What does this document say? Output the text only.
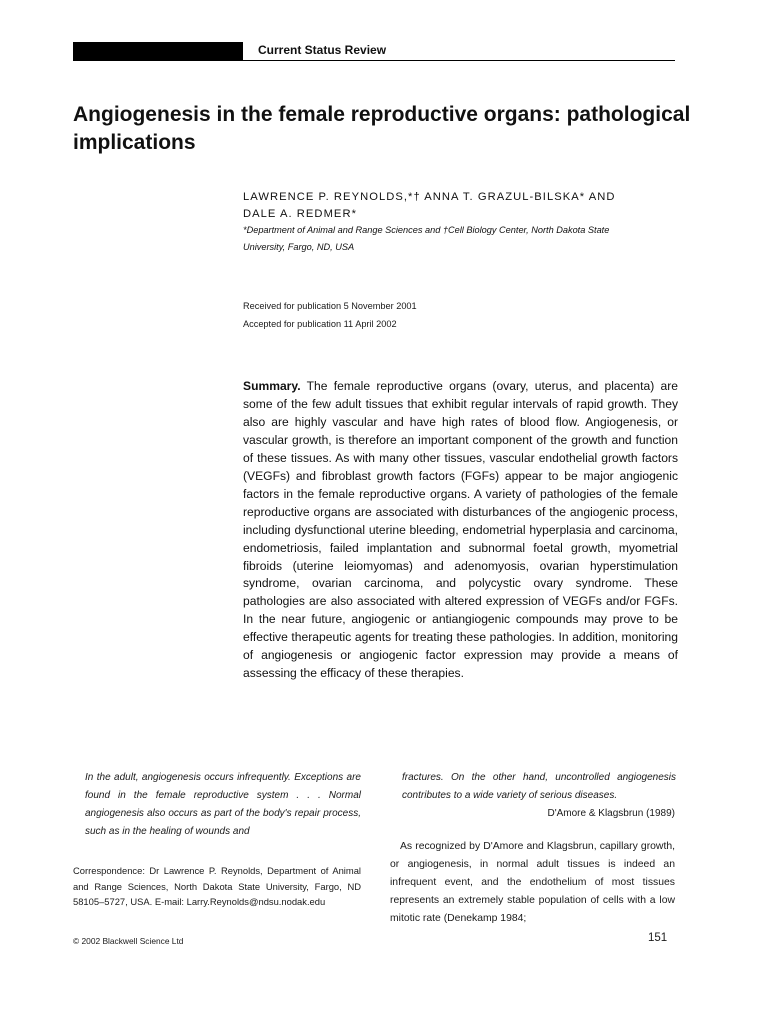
Current Status Review
Angiogenesis in the female reproductive organs: pathological implications
LAWRENCE P. REYNOLDS,*† ANNA T. GRAZUL-BILSKA* AND
DALE A. REDMER*
*Department of Animal and Range Sciences and †Cell Biology Center, North Dakota State
University, Fargo, ND, USA
Received for publication 5 November 2001
Accepted for publication 11 April 2002
Summary. The female reproductive organs (ovary, uterus, and placenta) are some of the few adult tissues that exhibit regular intervals of rapid growth. They also are highly vascular and have high rates of blood flow. Angiogenesis, or vascular growth, is therefore an important component of the growth and function of these tissues. As with many other tissues, vascular endothelial growth factors (VEGFs) and fibroblast growth factors (FGFs) appear to be major angiogenic factors in the female reproductive organs. A variety of pathologies of the female reproductive organs are associated with disturbances of the angiogenic process, including dysfunctional uterine bleeding, endometrial hyperplasia and carcinoma, endometriosis, failed implantation and subnormal foetal growth, myometrial fibroids (uterine leiomyomas) and adenomyosis, ovarian hyperstimulation syndrome, ovarian carcinoma, and polycystic ovary syndrome. These pathologies are also associated with altered expression of VEGFs and/or FGFs. In the near future, angiogenic or antiangiogenic compounds may prove to be effective therapeutic agents for treating these pathologies. In addition, monitoring of angiogenesis or angiogenic factor expression may provide a means of assessing the efficacy of these therapies.
In the adult, angiogenesis occurs infrequently. Exceptions are found in the female reproductive system . . . Normal angiogenesis also occurs as part of the body's repair process, such as in the healing of wounds and
fractures. On the other hand, uncontrolled angiogenesis contributes to a wide variety of serious diseases.
D'Amore & Klagsbrun (1989)
Correspondence: Dr Lawrence P. Reynolds, Department of Animal and Range Sciences, North Dakota State University, Fargo, ND 58105–5727, USA. E-mail: Larry.Reynolds@ndsu.nodak.edu
As recognized by D'Amore and Klagsbrun, capillary growth, or angiogenesis, in normal adult tissues is indeed an infrequent event, and the endothelium of most tissues represents an extremely stable population of cells with a low mitotic rate (Denekamp 1984;
© 2002 Blackwell Science Ltd	151
